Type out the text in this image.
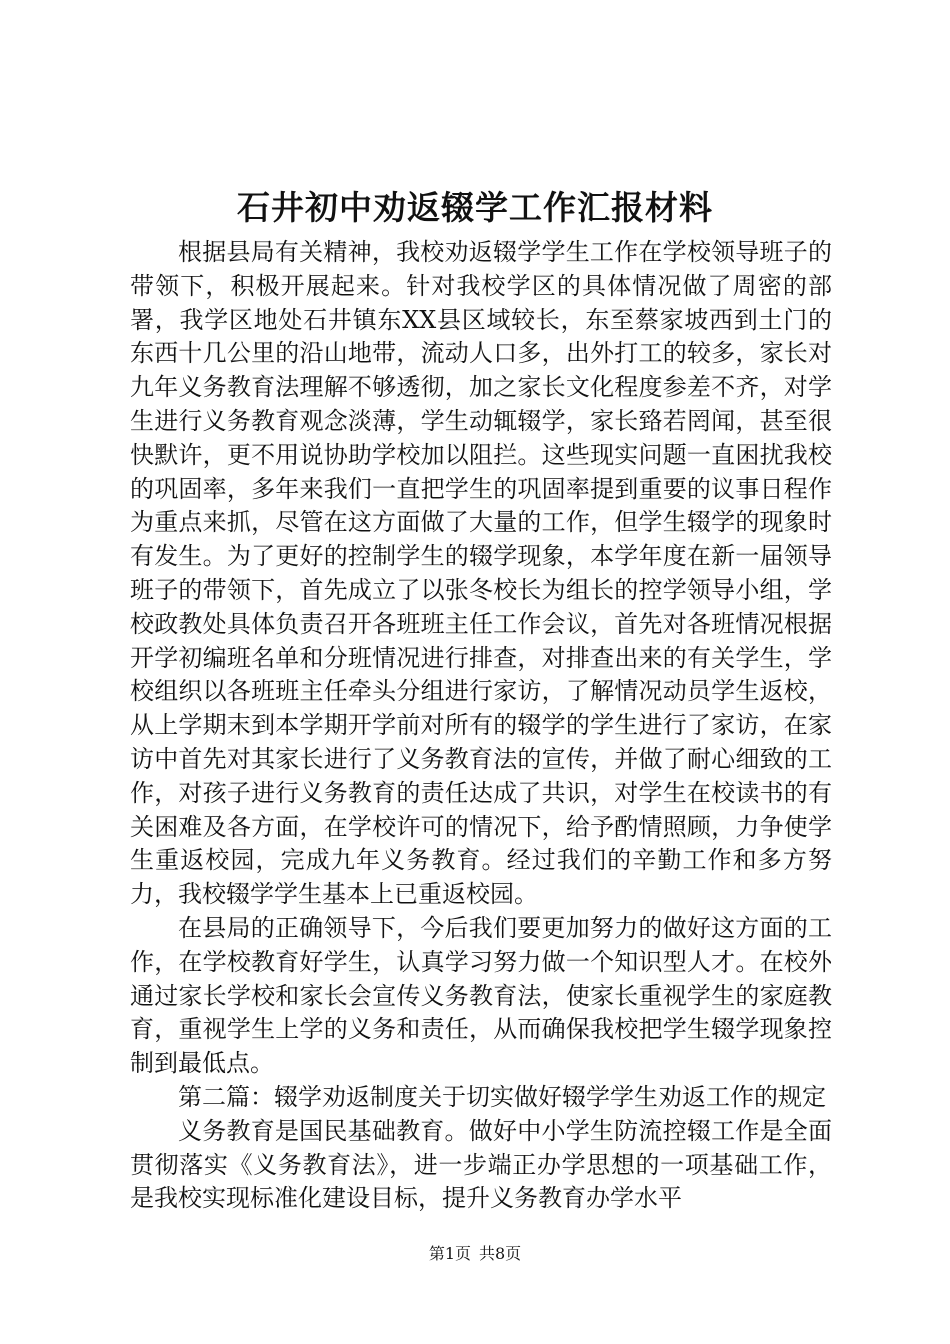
石井初中劝返辍学工作汇报材料

根据县局有关精神，我校劝返辍学学生工作在学校领导班子的带领下，积极开展起来。针对我校学区的具体情况做了周密的部署，我学区地处石井镇东XX县区域较长，东至蔡家坡西到土门的东西十几公里的沿山地带，流动人口多，出外打工的较多，家长对九年义务教育法理解不够透彻，加之家长文化程度参差不齐，对学生进行义务教育观念淡薄，学生动辄辍学，家长臵若罔闻，甚至很快默许，更不用说协助学校加以阻拦。这些现实问题一直困扰我校的巩固率，多年来我们一直把学生的巩固率提到重要的议事日程作为重点来抓，尽管在这方面做了大量的工作，但学生辍学的现象时有发生。为了更好的控制学生的辍学现象，本学年度在新一届领导班子的带领下，首先成立了以张冬校长为组长的控学领导小组，学校政教处具体负责召开各班班主任工作会议，首先对各班情况根据开学初编班名单和分班情况进行排查，对排查出来的有关学生，学校组织以各班班主任牵头分组进行家访，了解情况动员学生返校，从上学期末到本学期开学前对所有的辍学的学生进行了家访，在家访中首先对其家长进行了义务教育法的宣传，并做了耐心细致的工作，对孩子进行义务教育的责任达成了共识，对学生在校读书的有关困难及各方面，在学校许可的情况下，给予酌情照顾，力争使学生重返校园，完成九年义务教育。经过我们的辛勤工作和多方努力，我校辍学学生基本上已重返校园。

在县局的正确领导下，今后我们要更加努力的做好这方面的工作，在学校教育好学生，认真学习努力做一个知识型人才。在校外通过家长学校和家长会宣传义务教育法，使家长重视学生的家庭教育，重视学生上学的义务和责任，从而确保我校把学生辍学现象控制到最低点。

第二篇：辍学劝返制度关于切实做好辍学学生劝返工作的规定

义务教育是国民基础教育。做好中小学生防流控辍工作是全面贯彻落实《义务教育法》，进一步端正办学思想的一项基础工作，是我校实现标准化建设目标，提升义务教育办学水平

第1页 共8页
